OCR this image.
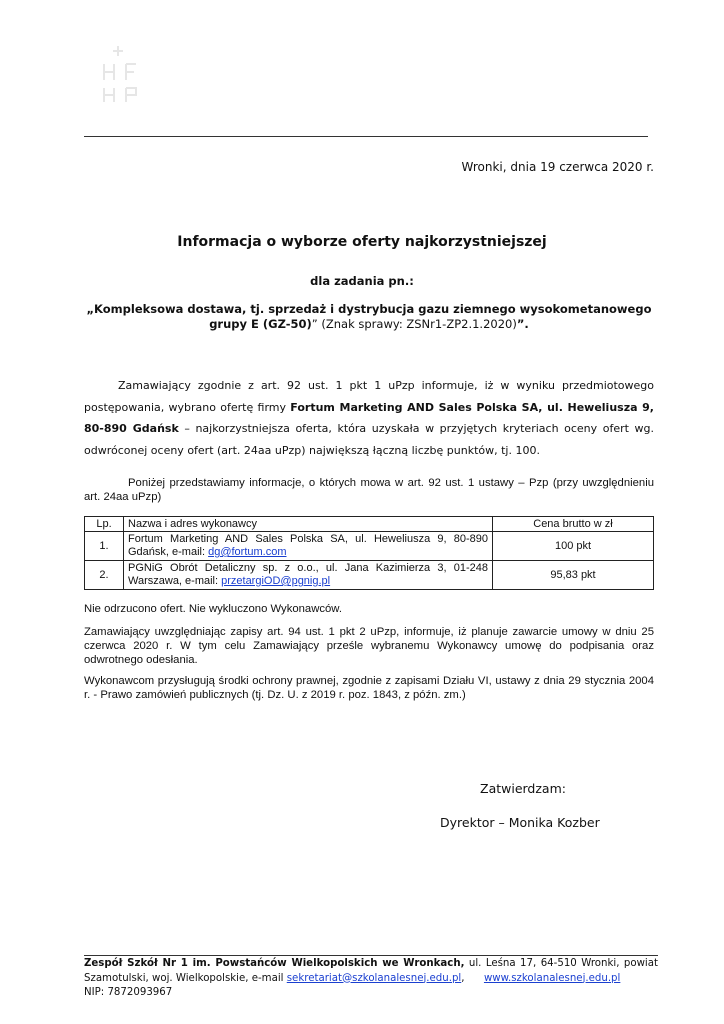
Wronki, dnia 19 czerwca 2020 r.
Informacja o wyborze oferty najkorzystniejszej
dla zadania pn.:
„Kompleksowa dostawa, tj. sprzedaż i dystrybucja gazu ziemnego wysokometanowego grupy E (GZ-50)” (Znak sprawy: ZSNr1-ZP2.1.2020)”.
Zamawiający zgodnie z art. 92 ust. 1 pkt 1 uPzp informuje, iż w wyniku przedmiotowego postępowania, wybrano ofertę firmy Fortum Marketing AND Sales Polska SA, ul. Heweliusza 9, 80-890 Gdańsk – najkorzystniejsza oferta, która uzyskała w przyjętych kryteriach oceny ofert wg. odwróconej oceny ofert (art. 24aa uPzp) największą łączną liczbę punktów, tj. 100.
Poniżej przedstawiamy informacje, o których mowa w art. 92 ust. 1 ustawy – Pzp (przy uwzględnieniu art. 24aa uPzp)
Lp.	Nazwa i adres wykonawcy	Cena brutto w zł
1.	Fortum Marketing AND Sales Polska SA, ul. Heweliusza 9, 80-890 Gdańsk, e-mail: dg@fortum.com	100 pkt
2.	PGNiG Obrót Detaliczny sp. z o.o., ul. Jana Kazimierza 3, 01-248 Warszawa, e-mail: przetargiOD@pgnig.pl	95,83 pkt
Nie odrzucono ofert. Nie wykluczono Wykonawców.
Zamawiający uwzględniając zapisy art. 94 ust. 1 pkt 2 uPzp, informuje, iż planuje zawarcie umowy w dniu 25 czerwca 2020 r. W tym celu Zamawiający prześle wybranemu Wykonawcy umowę do podpisania oraz odwrotnego odesłania.
Wykonawcom przysługują środki ochrony prawnej, zgodnie z zapisami Działu VI, ustawy z dnia 29 stycznia 2004 r. - Prawo zamówień publicznych (tj. Dz. U. z 2019 r. poz. 1843, z późn. zm.)
Zatwierdzam:
Dyrektor – Monika Kozber
Zespół Szkół Nr 1 im. Powstańców Wielkopolskich we Wronkach, ul. Leśna 17, 64-510 Wronki, powiat Szamotulski, woj. Wielkopolskie, e-mail sekretariat@szkolanalesnej.edu.pl,      www.szkolanalesnej.edu.pl
NIP: 7872093967
